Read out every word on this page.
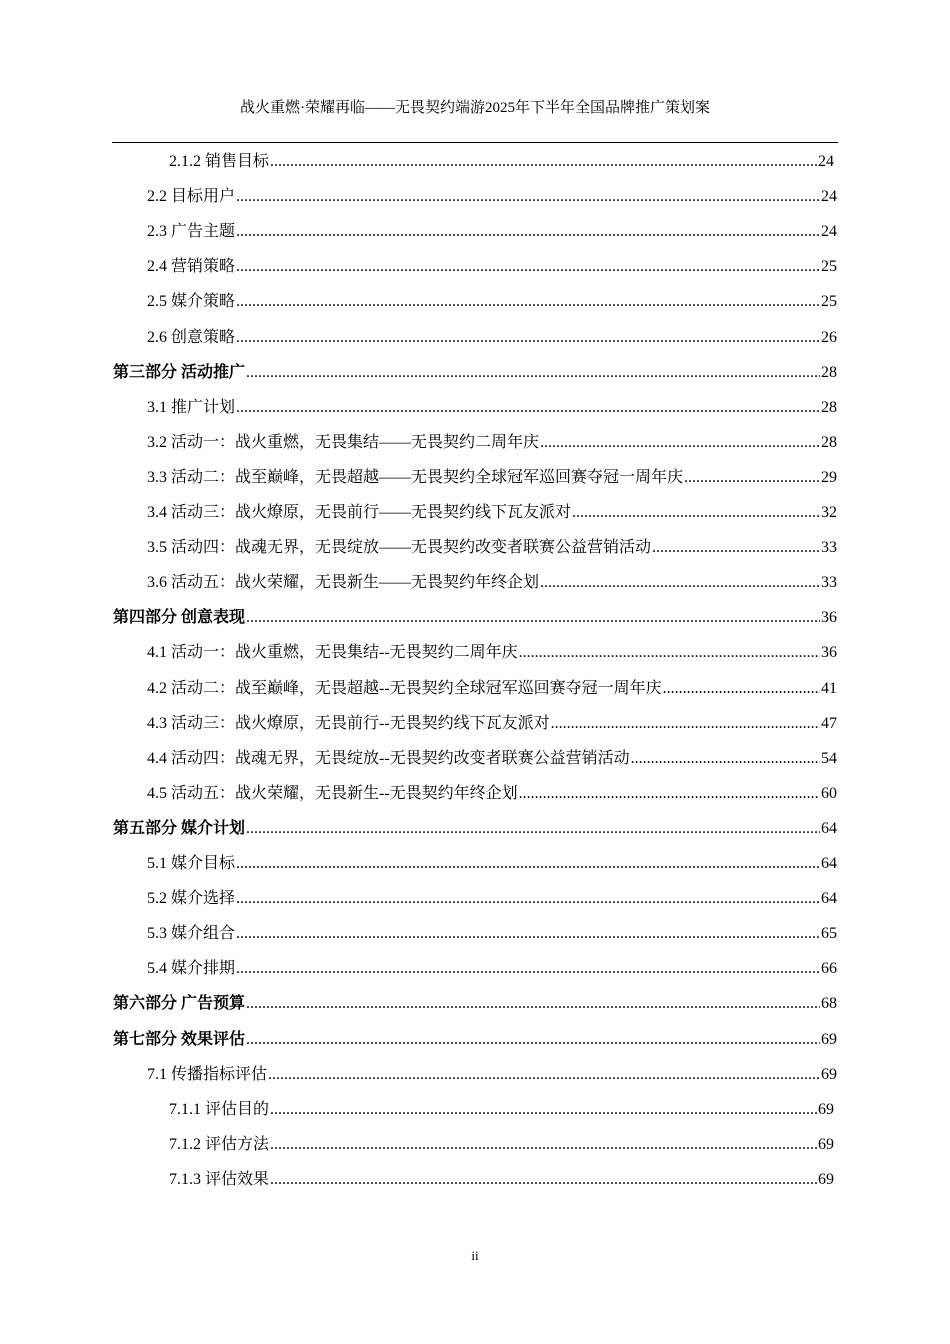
战火重燃·荣耀再临——无畏契约端游2025年下半年全国品牌推广策划案
2.1.2 销售目标 .....	24
2.2 目标用户 .....	24
2.3 广告主题 .....	24
2.4 营销策略 .....	25
2.5 媒介策略 .....	25
2.6 创意策略 .....	26
第三部分 活动推广 .....	28
3.1 推广计划 .....	28
3.2 活动一：战火重燃，无畏集结——无畏契约二周年庆 .....	28
3.3 活动二：战至巅峰，无畏超越——无畏契约全球冠军巡回赛夺冠一周年庆 .....	29
3.4 活动三：战火燎原，无畏前行——无畏契约线下瓦友派对 .....	32
3.5 活动四：战魂无界，无畏绽放——无畏契约改变者联赛公益营销活动 .....	33
3.6 活动五：战火荣耀，无畏新生——无畏契约年终企划 .....	33
第四部分 创意表现 .....	36
4.1 活动一：战火重燃，无畏集结--无畏契约二周年庆 .....	36
4.2 活动二：战至巅峰，无畏超越--无畏契约全球冠军巡回赛夺冠一周年庆 .....	41
4.3 活动三：战火燎原，无畏前行--无畏契约线下瓦友派对 .....	47
4.4 活动四：战魂无界，无畏绽放--无畏契约改变者联赛公益营销活动 .....	54
4.5 活动五：战火荣耀，无畏新生--无畏契约年终企划 .....	60
第五部分 媒介计划 .....	64
5.1 媒介目标 .....	64
5.2 媒介选择 .....	64
5.3 媒介组合 .....	65
5.4 媒介排期 .....	66
第六部分 广告预算 .....	68
第七部分 效果评估 .....	69
7.1 传播指标评估 .....	69
7.1.1 评估目的 .....	69
7.1.2 评估方法 .....	69
7.1.3 评估效果 .....	69
ii
